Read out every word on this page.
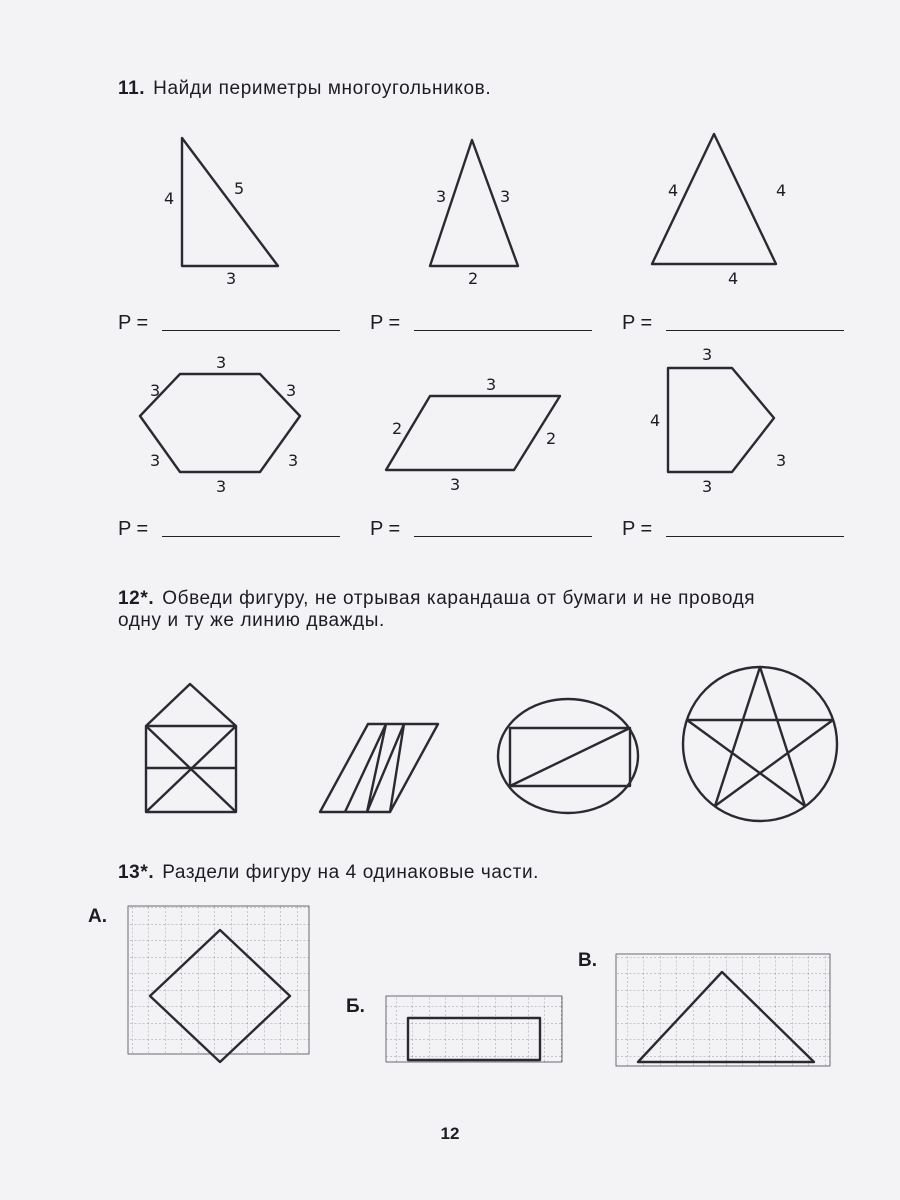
11. Найди периметры многоугольников.
P =	P =	P =
P =	P =	P =
12*. Обведи фигуру, не отрывая карандаша от бумаги и не проводя
одну и ту же линию дважды.
13*. Раздели фигуру на 4 одинаковые части.
А.
Б.
В.
12
4
5
3
3	3
2
4	4
4
3
3	3
3	3
3
3
2
2
3
3
4
3
3
